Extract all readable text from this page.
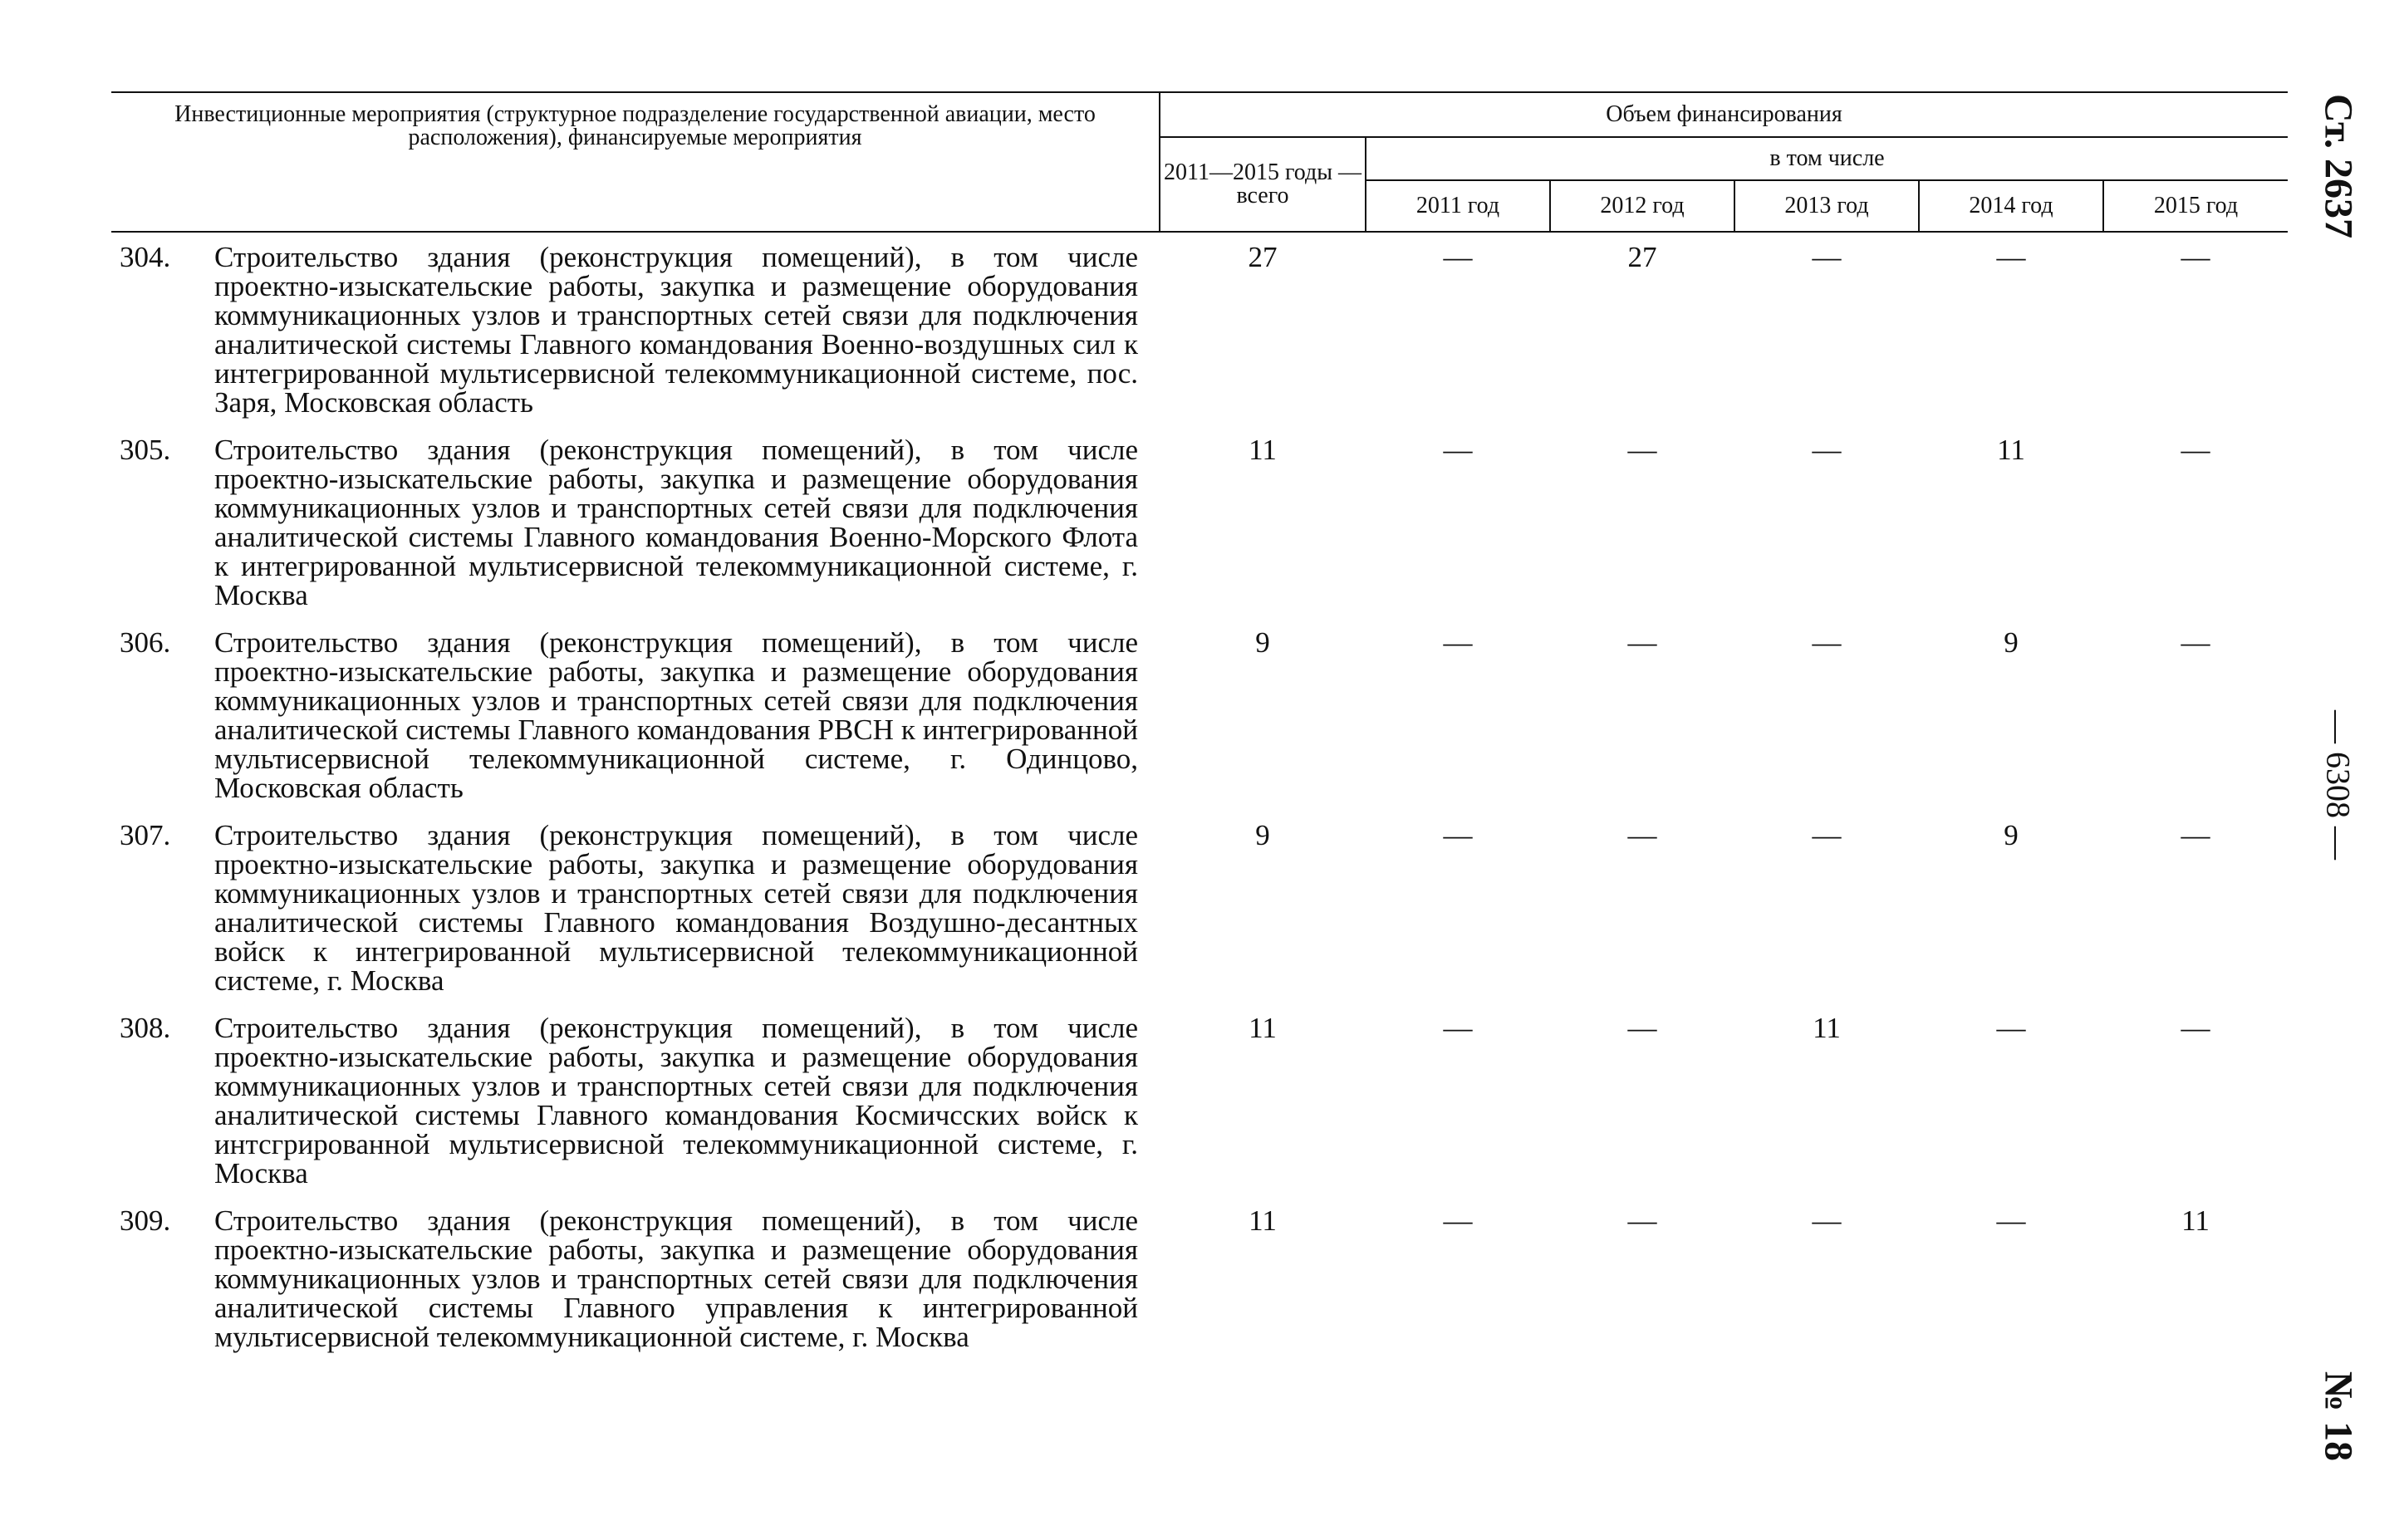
Инвестиционные мероприятия (структурное подразделение государственной авиации, место расположения), финансируемые мероприятия		Объем финансирования					
		2011—2015 годы — всего	в том числе				
			2011 год	2012 год	2013 год	2014 год	2015 год
304.	Строительство здания (реконструкция помещений), в том числе проектно-изыскательские работы, закупка и размещение оборудования коммуникационных узлов и транспортных сетей связи для подключения аналитической системы Главного командования Военно-воздушных сил к интегрированной мультисервисной телекоммуникационной системе, пос. Заря, Московская область	27	—	27	—	—	—
305.	Строительство здания (реконструкция помещений), в том числе проектно-изыскательские работы, закупка и размещение оборудования коммуникационных узлов и транспортных сетей связи для подключения аналитической системы Главного командования Военно-Морского Флота к интегрированной мультисервисной телекоммуникационной системе, г. Москва	11	—	—	—	11	—
306.	Строительство здания (реконструкция помещений), в том числе проектно-изыскательские работы, закупка и размещение оборудования коммуникационных узлов и транспортных сетей связи для подключения аналитической системы Главного командования РВСН к интегрированной мультисервисной телекоммуникационной системе, г. Одинцово, Московская область	9	—	—	—	9	—
307.	Строительство здания (реконструкция помещений), в том числе проектно-изыскательские работы, закупка и размещение оборудования коммуникационных узлов и транспортных сетей связи для подключения аналитической системы Главного командования Воздушно-десантных войск к интегрированной мультисервисной телекоммуникационной системе, г. Москва	9	—	—	—	9	—
308.	Строительство здания (реконструкция помещений), в том числе проектно-изыскательские работы, закупка и размещение оборудования коммуникационных узлов и транспортных сетей связи для подключения аналитической системы Главного командования Космичсских войск к интсгрированной мультисервисной телекоммуникационной системе, г. Москва	11	—	—	11	—	—
309.	Строительство здания (реконструкция помещений), в том числе проектно-изыскательские работы, закупка и размещение оборудования коммуникационных узлов и транспортных сетей связи для подключения аналитической системы Главного управления к интегрированной мультисервисной телекоммуникационной системе, г. Москва	11	—	—	—	—	11
Ст. 2637
— 6308 —
№ 18
